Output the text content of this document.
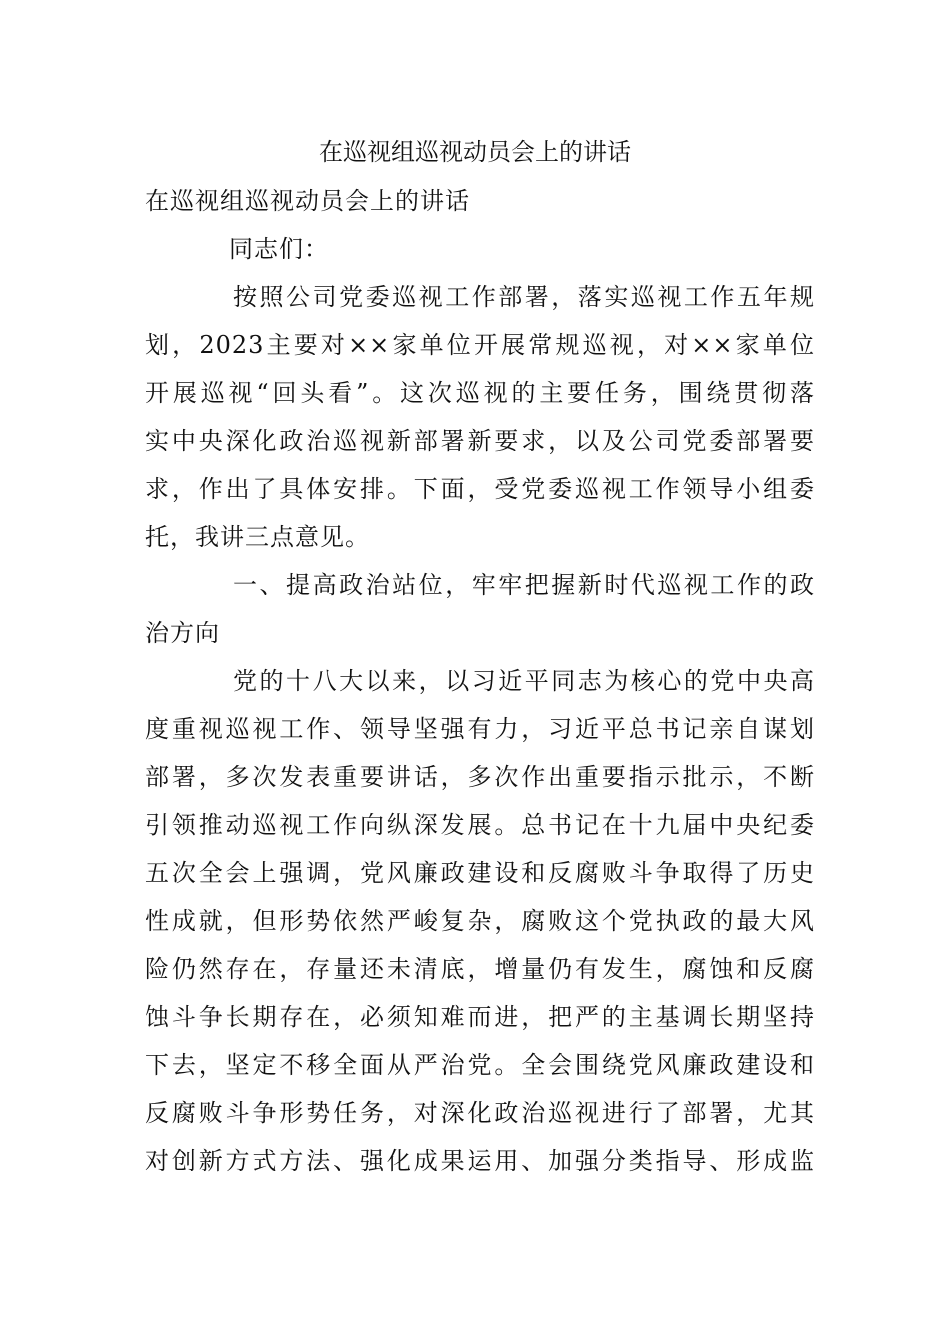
在巡视组巡视动员会上的讲话
在巡视组巡视动员会上的讲话
同志们：
按照公司党委巡视工作部署，落实巡视工作五年规
划，2023主要对××家单位开展常规巡视，对××家单位
开展巡视“回头看”。这次巡视的主要任务，围绕贯彻落
实中央深化政治巡视新部署新要求，以及公司党委部署要
求，作出了具体安排。下面，受党委巡视工作领导小组委
托，我讲三点意见。
一、提高政治站位，牢牢把握新时代巡视工作的政
治方向
党的十八大以来，以习近平同志为核心的党中央高
度重视巡视工作、领导坚强有力，习近平总书记亲自谋划
部署，多次发表重要讲话，多次作出重要指示批示，不断
引领推动巡视工作向纵深发展。总书记在十九届中央纪委
五次全会上强调，党风廉政建设和反腐败斗争取得了历史
性成就，但形势依然严峻复杂，腐败这个党执政的最大风
险仍然存在，存量还未清底，增量仍有发生，腐蚀和反腐
蚀斗争长期存在，必须知难而进，把严的主基调长期坚持
下去，坚定不移全面从严治党。全会围绕党风廉政建设和
反腐败斗争形势任务，对深化政治巡视进行了部署，尤其
对创新方式方法、强化成果运用、加强分类指导、形成监
